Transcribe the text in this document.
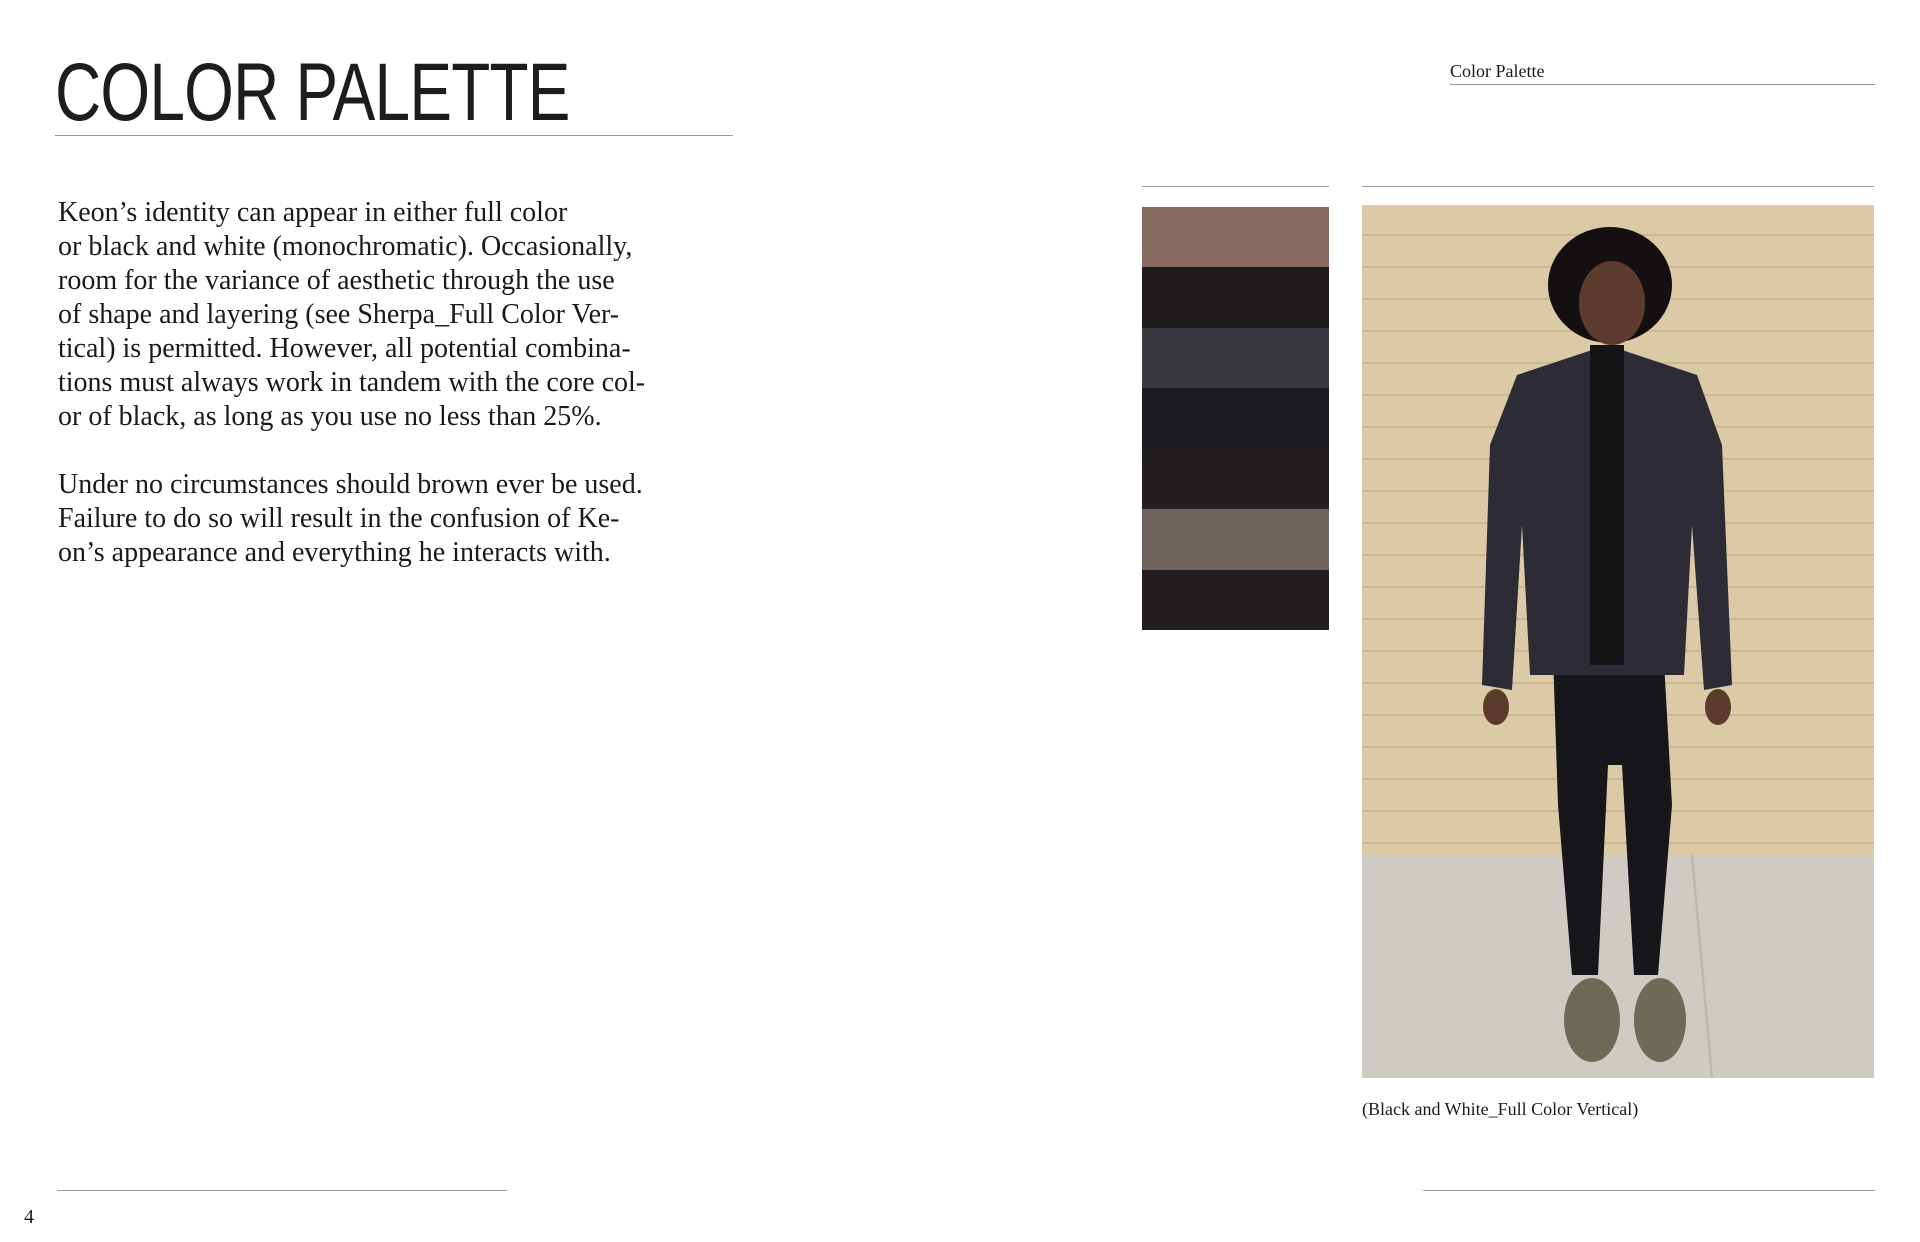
COLOR PALETTE	Color Palette

Keon’s identity can appear in either full color
or black and white (monochromatic). Occasionally,
room for the variance of aesthetic through the use
of shape and layering (see Sherpa_Full Color Ver-
tical) is permitted. However, all potential combina-
tions must always work in tandem with the core col-
or of black, as long as you use no less than 25%.

Under no circumstances should brown ever be used.
Failure to do so will result in the confusion of Ke-
on’s appearance and everything he interacts with.

(Black and White_Full Color Vertical)
4
